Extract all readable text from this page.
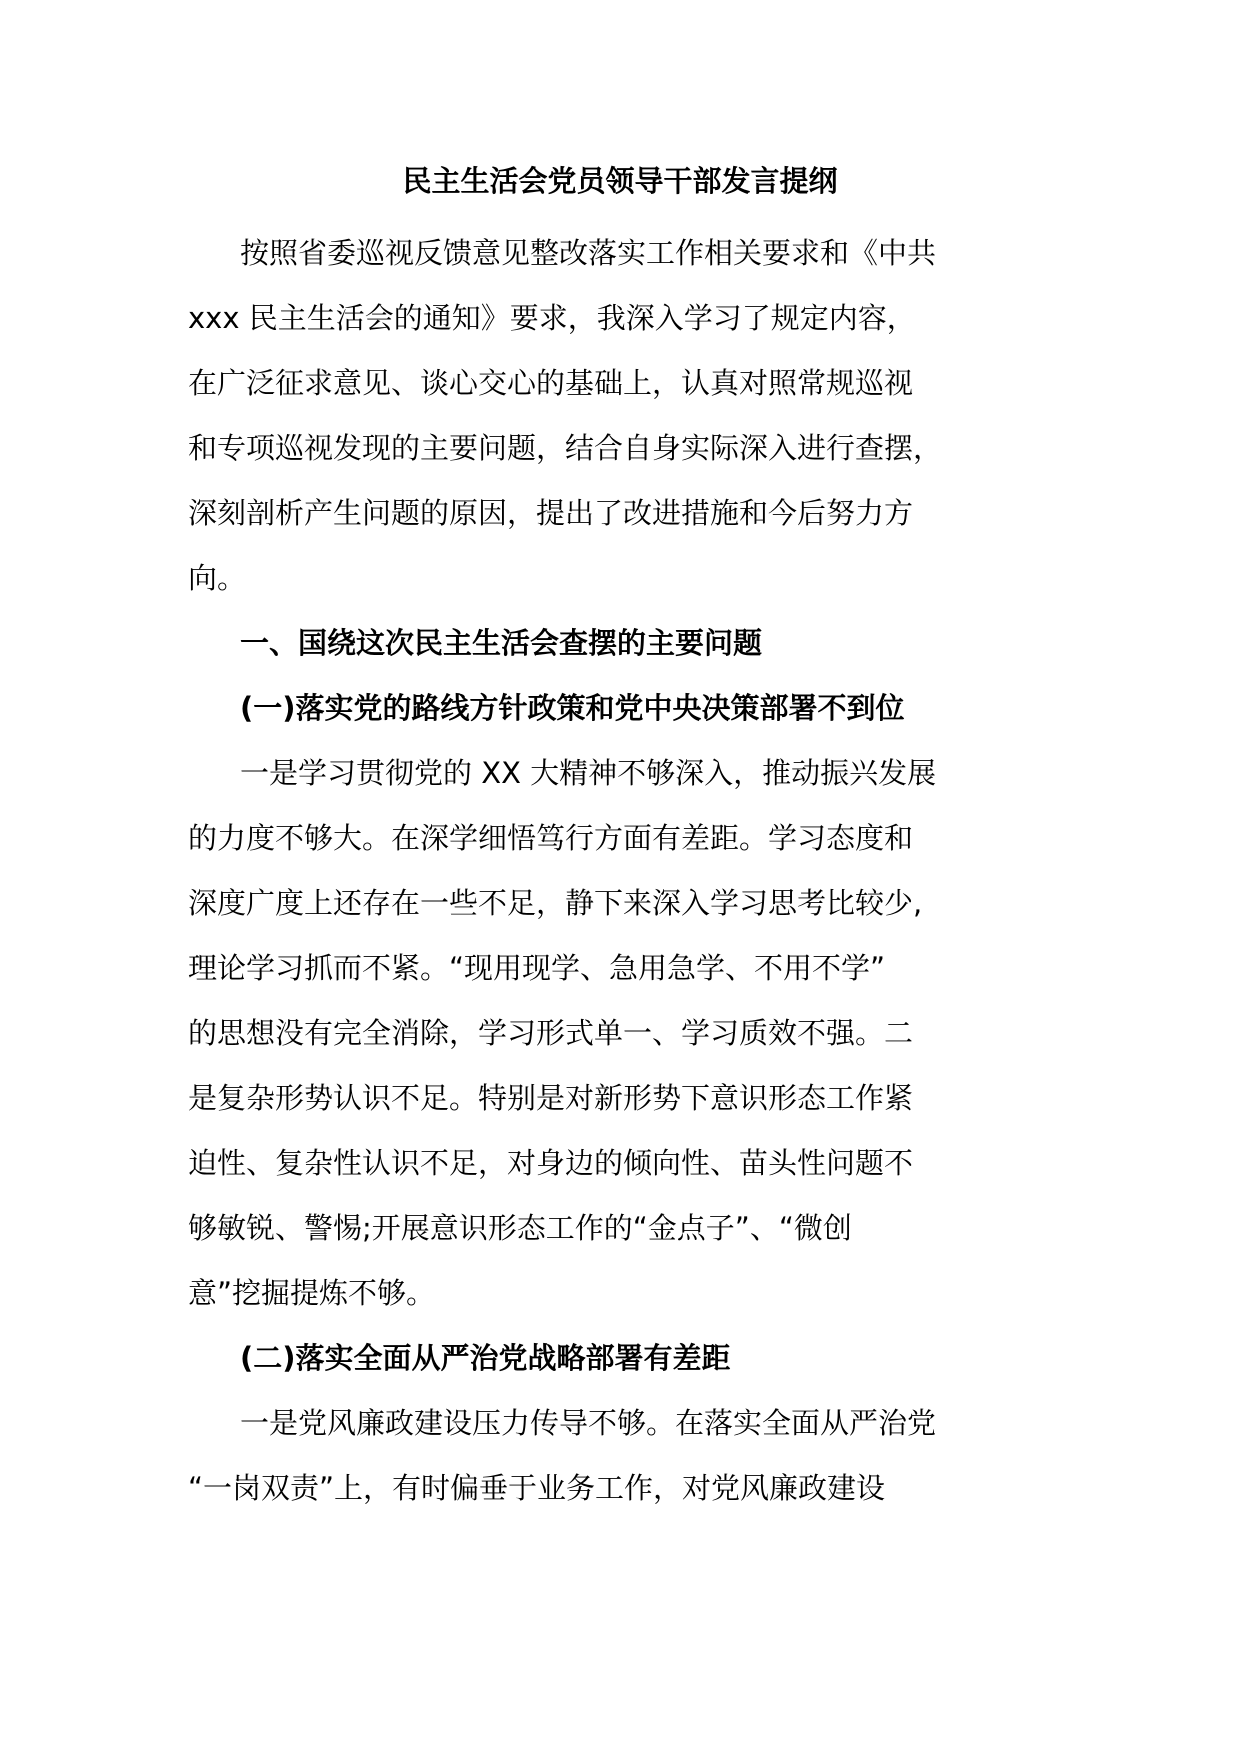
民主生活会党员领导干部发言提纲
按照省委巡视反馈意见整改落实工作相关要求和《中共
xxx 民主生活会的通知》要求，我深入学习了规定内容，
在广泛征求意见、谈心交心的基础上，认真对照常规巡视
和专项巡视发现的主要问题，结合自身实际深入进行查摆，
深刻剖析产生问题的原因，提出了改进措施和今后努力方
向。
一、国绕这次民主生活会查摆的主要问题
(一)落实党的路线方针政策和党中央决策部署不到位
一是学习贯彻党的 XX 大精神不够深入，推动振兴发展
的力度不够大。在深学细悟笃行方面有差距。学习态度和
深度广度上还存在一些不足，静下来深入学习思考比较少,
理论学习抓而不紧。“现用现学、急用急学、不用不学”
的思想没有完全消除，学习形式单一、学习质效不强。二
是复杂形势认识不足。特别是对新形势下意识形态工作紧
迫性、复杂性认识不足，对身边的倾向性、苗头性问题不
够敏锐、警惕;开展意识形态工作的“金点子”、“微创
意”挖掘提炼不够。
(二)落实全面从严治党战略部署有差距
一是党风廉政建设压力传导不够。在落实全面从严治党
“一岗双责”上，有时偏垂于业务工作，对党风廉政建设
